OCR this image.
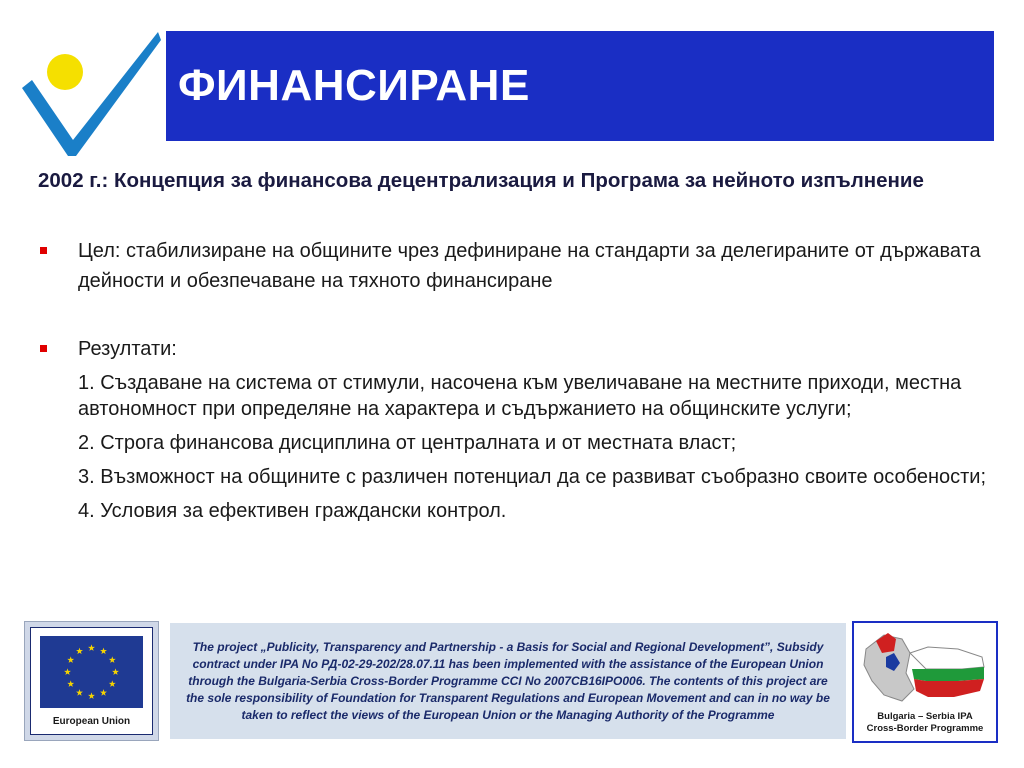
ФИНАНСИРАНЕ
2002 г.: Концепция за финансова децентрализация и Програма за нейното изпълнение
Цел: стабилизиране на общините чрез дефиниране на стандарти за делегираните от държавата дейности и обезпечаване на тяхното финансиране
Резултати:
1. Създаване на система от стимули, насочена към увеличаване на местните приходи, местна автономност при определяне на характера и съдържанието на общинските услуги;
2. Строга финансова дисциплина от централната и от местната власт;
3. Възможност на общините с различен потенциал да се развиват съобразно своите особености;
4. Условия за ефективен граждански контрол.
European Union
The project „Publicity, Transparency and Partnership - a Basis for Social and Regional Development”, Subsidy contract under IPA No РД-02-29-202/28.07.11 has been implemented with the assistance of the European Union through the Bulgaria-Serbia Cross-Border Programme CCI No 2007CB16IPO006. The contents of this project are the sole responsibility of Foundation for Transparent Regulations and European Movement and can in no way be taken to reflect the views of the European Union or the Managing Authority of the Programme	Bulgaria – Serbia IPA
Cross-Border Programme
